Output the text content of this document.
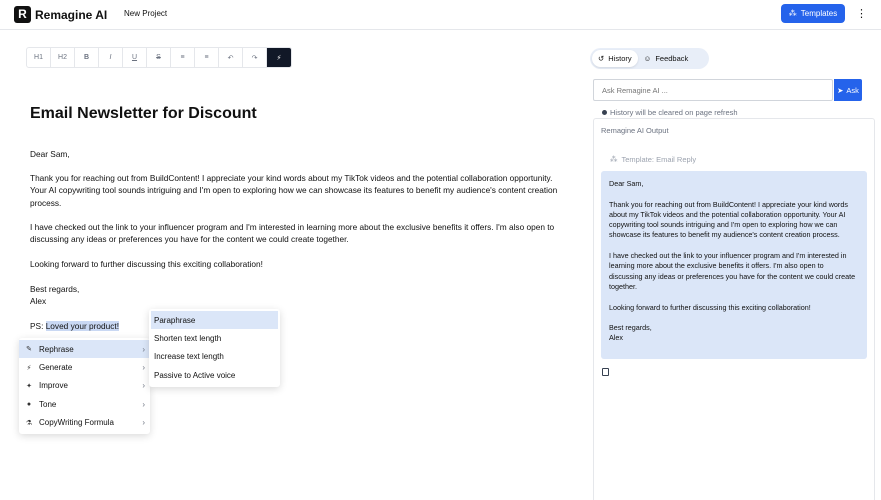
R Remagine AI New Project	⁂ Templates ⋮
H1	H2	B	I	U	S	≡	≡	↶	↷	⚡
Email Newsletter for Discount
Dear Sam,
Thank you for reaching out from BuildContent! I appreciate your kind words about my TikTok videos and the potential collaboration opportunity. Your AI copywriting tool sounds intriguing and I'm open to exploring how we can showcase its features to benefit my audience's content creation process.
I have checked out the link to your influencer program and I'm interested in learning more about the exclusive benefits it offers. I'm also open to discussing any ideas or preferences you have for the content we could create together.
Looking forward to further discussing this exciting collaboration!
Best regards,
Alex
PS: Loved your product!
✎ Rephrase	›
⚡ Generate	›
✦ Improve	›
● Tone	›
⚗ CopyWriting Formula	›
Paraphrase
Shorten text length
Increase text length
Passive to Active voice
↺ History ☺ Feedback
Ask Remagine AI ...
➤ Ask
History will be cleared on page refresh
Remagine AI Output
⁂ Template: Email Reply
Dear Sam,
Thank you for reaching out from BuildContent! I appreciate your kind words about my TikTok videos and the potential collaboration opportunity. Your AI copywriting tool sounds intriguing and I'm open to exploring how we can showcase its features to benefit my audience's content creation process.
I have checked out the link to your influencer program and I'm interested in learning more about the exclusive benefits it offers. I'm also open to discussing any ideas or preferences you have for the content we could create together.
Looking forward to further discussing this exciting collaboration!
Best regards,
Alex
